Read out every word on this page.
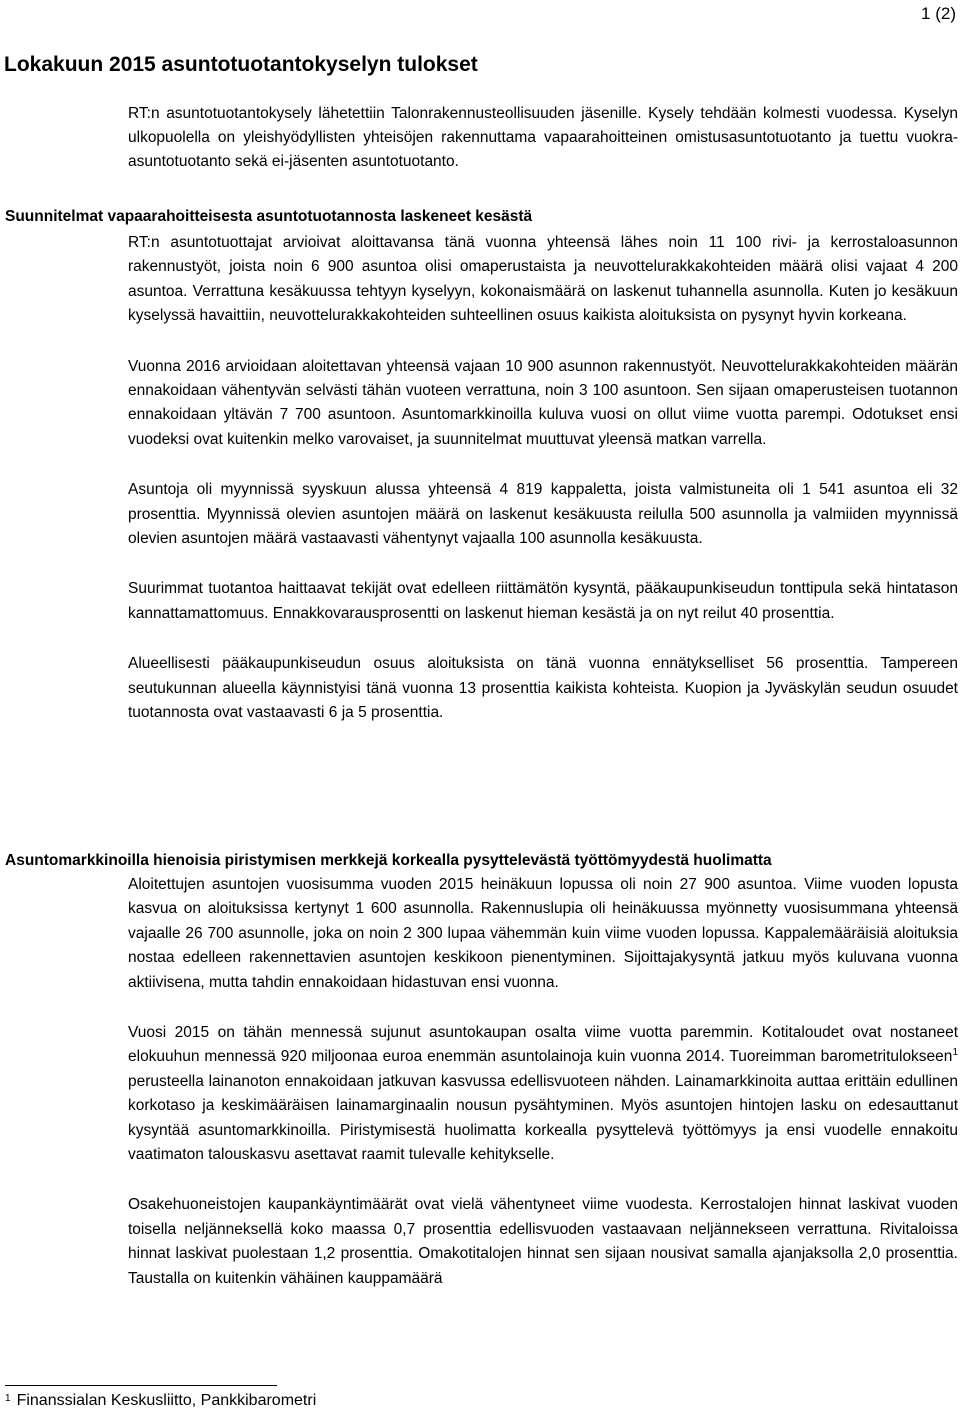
1 (2)
Lokakuun 2015 asuntotuotantokyselyn tulokset

RT:n asuntotuotantokysely lähetettiin Talonrakennusteollisuuden jäsenille. Kysely tehdään kolmesti vuodessa. Kyselyn ulkopuolella on yleishyödyllisten yhteisöjen rakennuttama vapaarahoitteinen omistusasuntotuotanto ja tuettu vuokra-asuntotuotanto sekä ei-jäsenten asuntotuotanto.

Suunnitelmat vapaarahoitteisesta asuntotuotannosta laskeneet kesästä

RT:n asuntotuottajat arvioivat aloittavansa tänä vuonna yhteensä lähes noin 11 100 rivi- ja kerrostaloasunnon rakennustyöt, joista noin 6 900 asuntoa olisi omaperustaista ja neuvottelurakkakohteiden määrä olisi vajaat 4 200 asuntoa. Verrattuna kesäkuussa tehtyyn kyselyyn, kokonaismäärä on laskenut tuhannella asunnolla. Kuten jo kesäkuun kyselyssä havaittiin, neuvottelurakkakohteiden suhteellinen osuus kaikista aloituksista on pysynyt hyvin korkeana.

Vuonna 2016 arvioidaan aloitettavan yhteensä vajaan 10 900 asunnon rakennustyöt. Neuvottelurakkakohteiden määrän ennakoidaan vähentyvän selvästi tähän vuoteen verrattuna, noin 3 100 asuntoon. Sen sijaan omaperusteisen tuotannon ennakoidaan yltävän 7 700 asuntoon. Asuntomarkkinoilla kuluva vuosi on ollut viime vuotta parempi. Odotukset ensi vuodeksi ovat kuitenkin melko varovaiset, ja suunnitelmat muuttuvat yleensä matkan varrella.

Asuntoja oli myynnissä syyskuun alussa yhteensä 4 819 kappaletta, joista valmistuneita oli 1 541 asuntoa eli 32 prosenttia. Myynnissä olevien asuntojen määrä on laskenut kesäkuusta reilulla 500 asunnolla ja valmiiden myynnissä olevien asuntojen määrä vastaavasti vähentynyt vajaalla 100 asunnolla kesäkuusta.

Suurimmat tuotantoa haittaavat tekijät ovat edelleen riittämätön kysyntä, pääkaupunkiseudun tonttipula sekä hintatason kannattamattomuus. Ennakkovarausprosentti on laskenut hieman kesästä ja on nyt reilut 40 prosenttia.

Alueellisesti pääkaupunkiseudun osuus aloituksista on tänä vuonna ennätykselliset 56 prosenttia. Tampereen seutukunnan alueella käynnistyisi tänä vuonna 13 prosenttia kaikista kohteista. Kuopion ja Jyväskylän seudun osuudet tuotannosta ovat vastaavasti 6 ja 5 prosenttia.

Asuntomarkkinoilla hienoisia piristymisen merkkejä korkealla pysyttelevästä työttömyydestä huolimatta

Aloitettujen asuntojen vuosisumma vuoden 2015 heinäkuun lopussa oli noin 27 900 asuntoa. Viime vuoden lopusta kasvua on aloituksissa kertynyt 1 600 asunnolla. Rakennuslupia oli heinäkuussa myönnetty vuosisummana yhteensä vajaalle 26 700 asunnolle, joka on noin 2 300 lupaa vähemmän kuin viime vuoden lopussa. Kappalemääräisiä aloituksia nostaa edelleen rakennettavien asuntojen keskikoon pienentyminen. Sijoittajakysyntä jatkuu myös kuluvana vuonna aktiivisena, mutta tahdin ennakoidaan hidastuvan ensi vuonna.

Vuosi 2015 on tähän mennessä sujunut asuntokaupan osalta viime vuotta paremmin. Kotitaloudet ovat nostaneet elokuuhun mennessä 920 miljoonaa euroa enemmän asuntolainoja kuin vuonna 2014. Tuoreimman barometritulokseen$^1$ perusteella lainanoton ennakoidaan jatkuvan kasvussa edellisvuoteen nähden. Lainamarkkinoita auttaa erittäin edullinen korkotaso ja keskimääräisen lainamarginaalin nousun pysähtyminen. Myös asuntojen hintojen lasku on edesauttanut kysyntää asuntomarkkinoilla. Piristymisestä huolimatta korkealla pysyttelevä työttömyys ja ensi vuodelle ennakoitu vaatimaton talouskasvu asettavat raamit tulevalle kehitykselle.

Osakehuoneistojen kaupankäyntimäärät ovat vielä vähentyneet viime vuodesta. Kerrostalojen hinnat laskivat vuoden toisella neljänneksellä koko maassa 0,7 prosenttia edellisvuoden vastaavaan neljännekseen verrattuna. Rivitaloissa hinnat laskivat puolestaan 1,2 prosenttia. Omakotitalojen hinnat sen sijaan nousivat samalla ajanjaksolla 2,0 prosenttia. Taustalla on kuitenkin vähäinen kauppamäärä

$^1$ Finanssialan Keskusliitto, Pankkibarometri
